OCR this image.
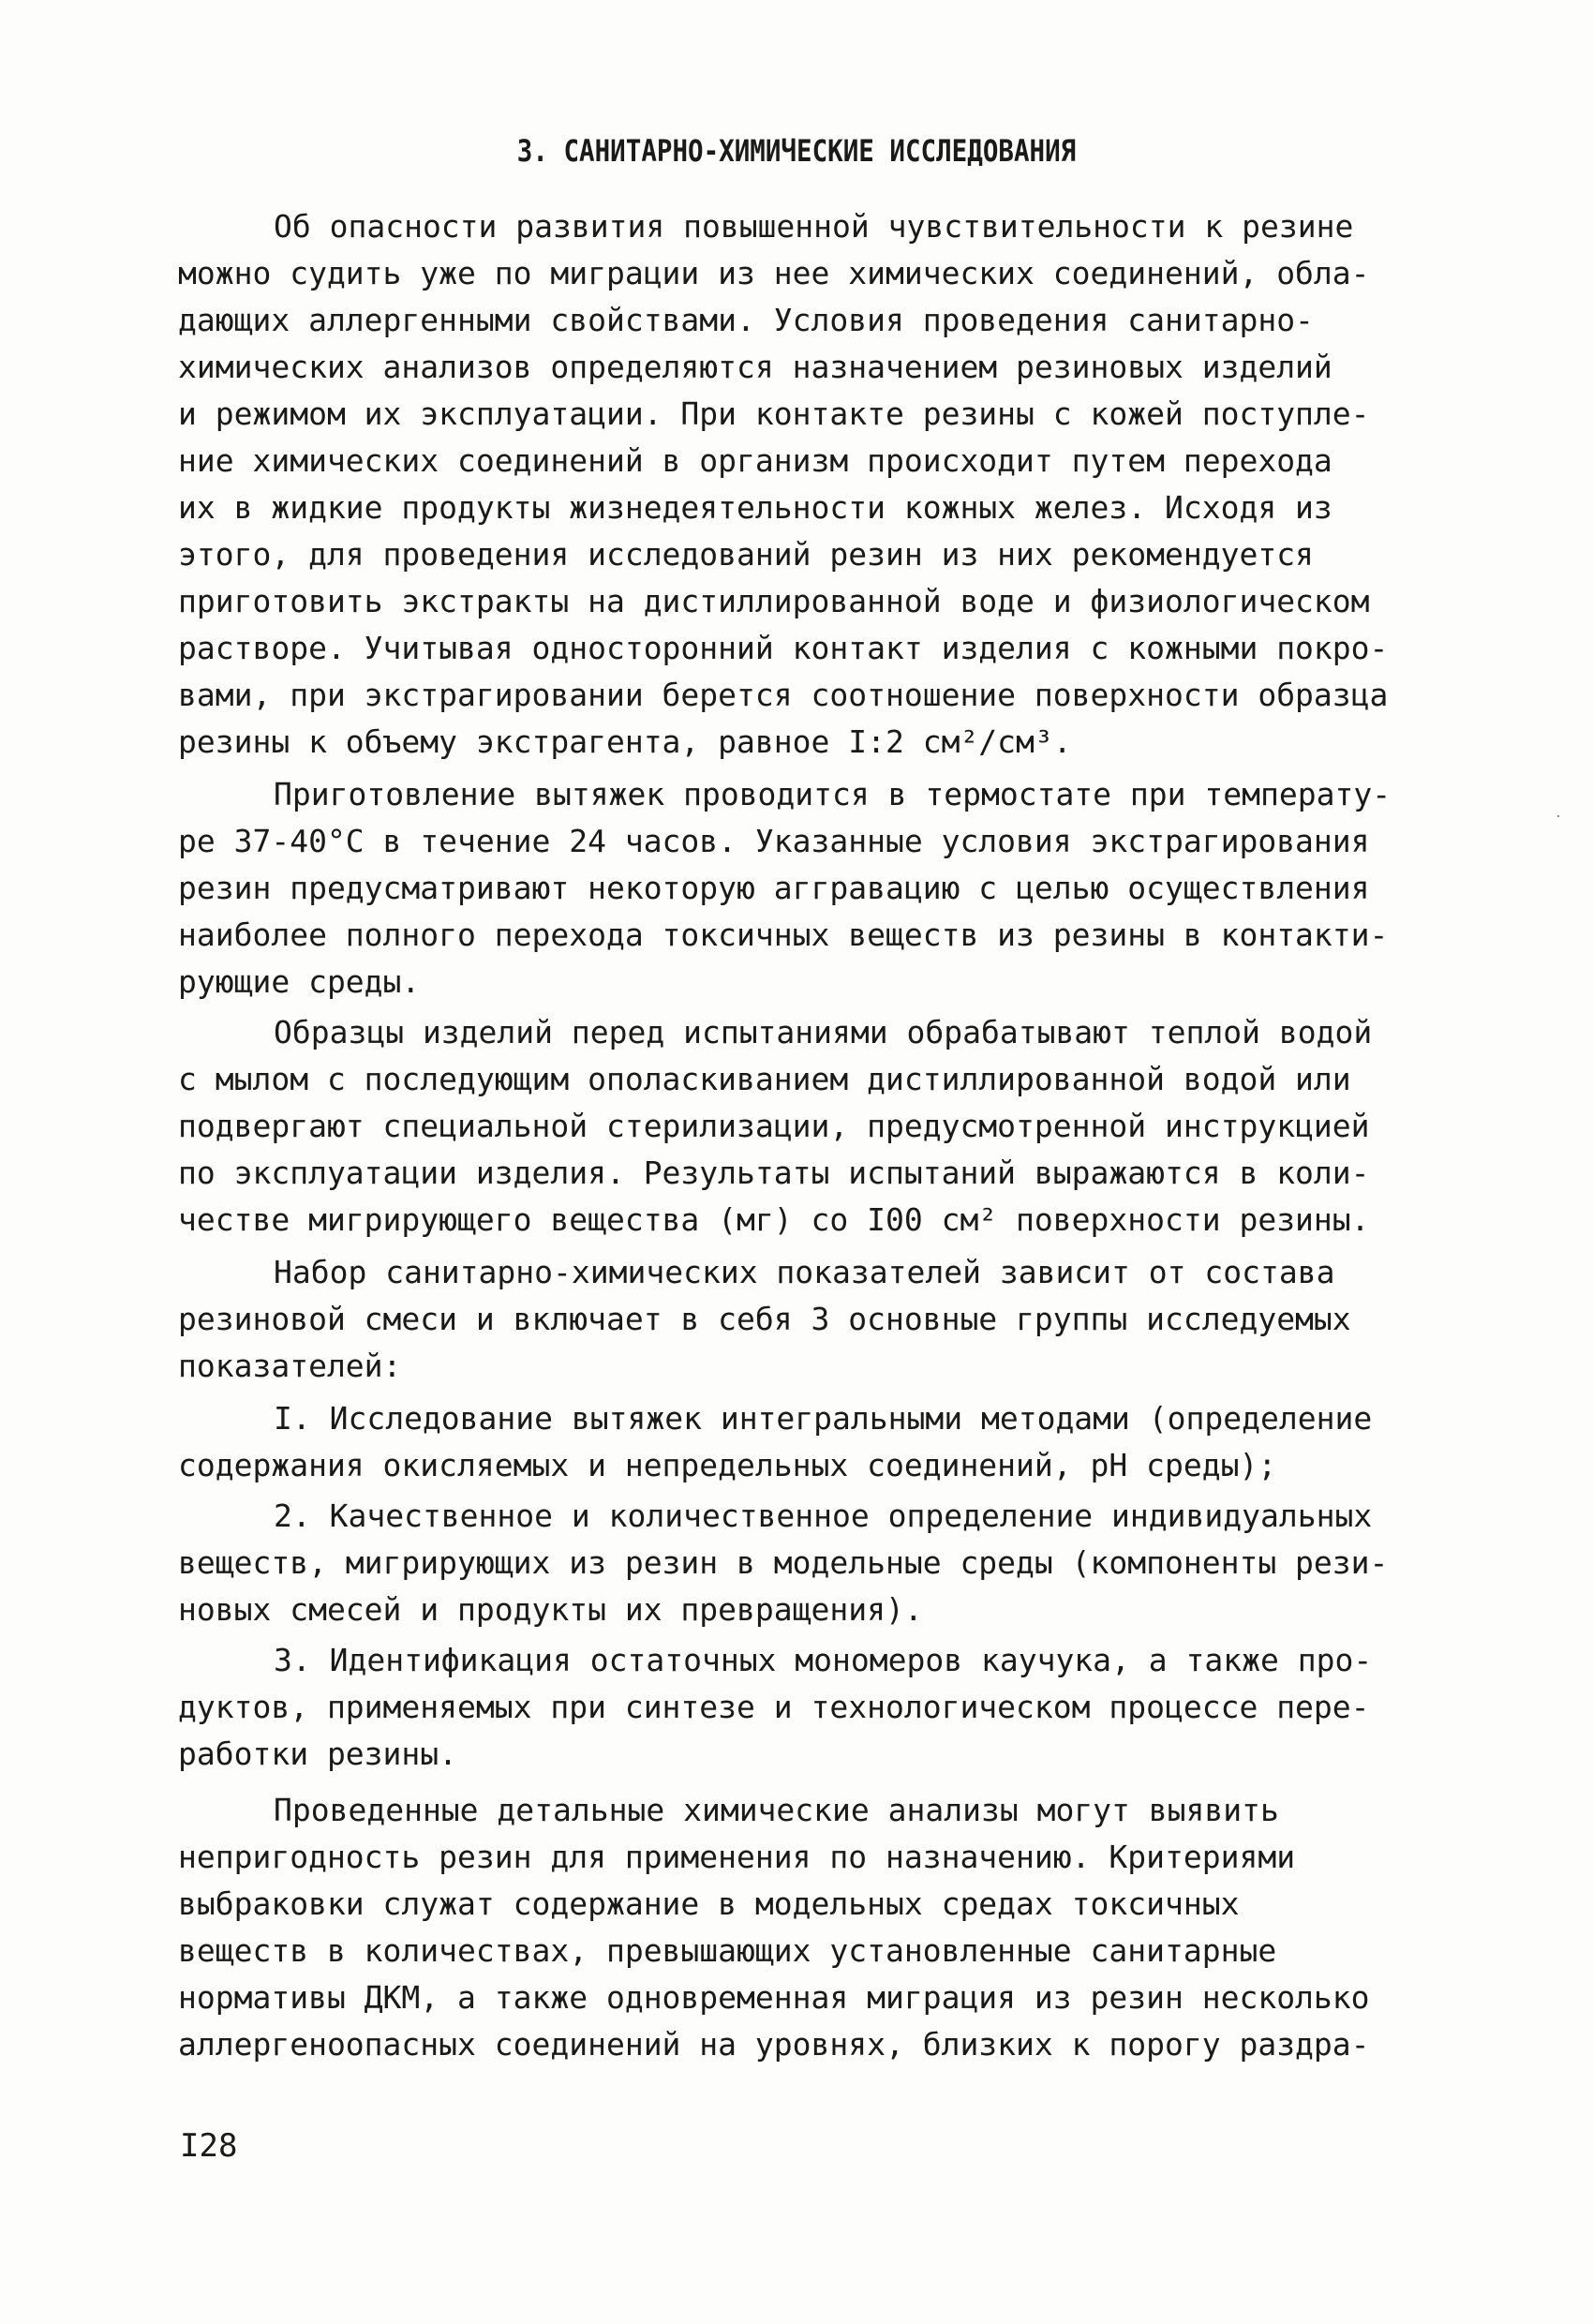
3. САНИТАРНО-ХИМИЧЕСКИЕ ИССЛЕДОВАНИЯ
Об опасности развития повышенной чувствительности к резине
можно судить уже по миграции из нее химических соединений, обла-
дающих аллергенными свойствами. Условия проведения санитарно-
химических анализов определяются назначением резиновых изделий
и режимом их эксплуатации. При контакте резины с кожей поступле-
ние химических соединений в организм происходит путем перехода
их в жидкие продукты жизнедеятельности кожных желез. Исходя из
этого, для проведения исследований резин из них рекомендуется
приготовить экстракты на дистиллированной воде и физиологическом
растворе. Учитывая односторонний контакт изделия с кожными покро-
вами, при экстрагировании берется соотношение поверхности образца
резины к объему экстрагента, равное I:2 см²/см³.
Приготовление вытяжек проводится в термостате при температу-
ре 37-40°С в течение 24 часов. Указанные условия экстрагирования
резин предусматривают некоторую аггравацию с целью осуществления
наиболее полного перехода токсичных веществ из резины в контакти-
рующие среды.
Образцы изделий перед испытаниями обрабатывают теплой водой
с мылом с последующим ополаскиванием дистиллированной водой или
подвергают специальной стерилизации, предусмотренной инструкцией
по эксплуатации изделия. Результаты испытаний выражаются в коли-
честве мигрирующего вещества (мг) со I00 см² поверхности резины.
Набор санитарно-химических показателей зависит от состава
резиновой смеси и включает в себя 3 основные группы исследуемых
показателей:
I. Исследование вытяжек интегральными методами (определение
содержания окисляемых и непредельных соединений, рН среды);
2. Качественное и количественное определение индивидуальных
веществ, мигрирующих из резин в модельные среды (компоненты рези-
новых смесей и продукты их превращения).
3. Идентификация остаточных мономеров каучука, а также про-
дуктов, применяемых при синтезе и технологическом процессе пере-
работки резины.
Проведенные детальные химические анализы могут выявить
непригодность резин для применения по назначению. Критериями
выбраковки служат содержание в модельных средах токсичных
веществ в количествах, превышающих установленные санитарные
нормативы ДКМ, а также одновременная миграция из резин несколько
аллергеноопасных соединений на уровнях, близких к порогу раздра-
I28
